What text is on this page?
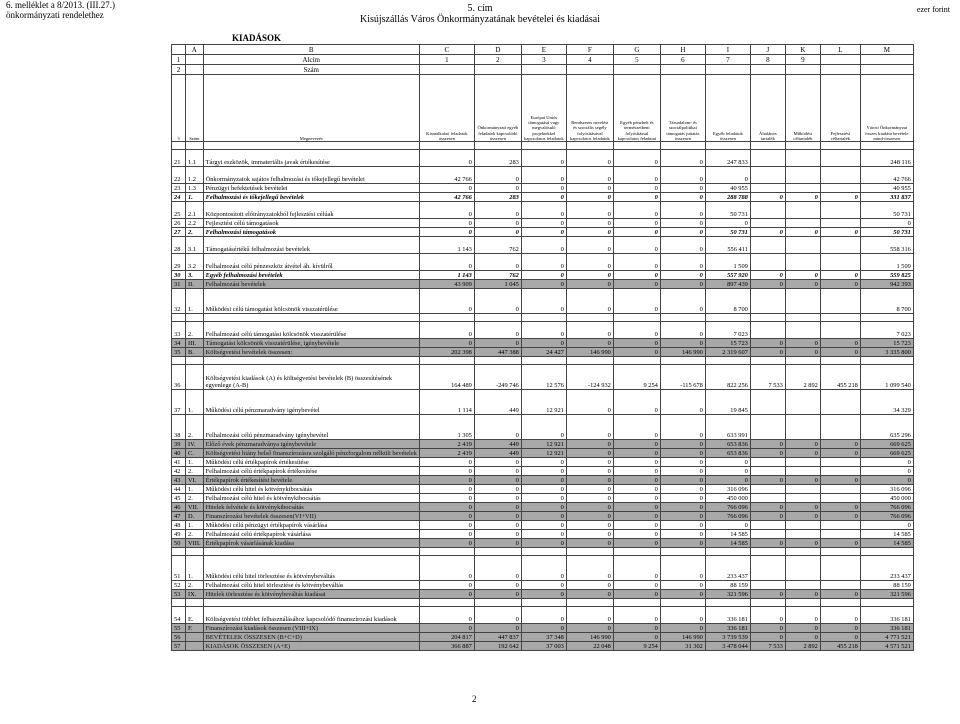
6. melléklet a 8/2013. (III.27.)
önkormányzati rendelethez
5. cím
Kisújszállás Város Önkormányzatának bevételei és kiadásai
ezer forint
KIADÁSOK
	A	B	C	D	E	F	G	H	I	J	K	L	M
1		Alcím	1	2	3	4	5	6	7	8	9		
2		Szám											
3	Szám	Megnevezés	Kismalkalaó feladatok összesen	Önkormányzati egyéb feladatok kapcsolódó összesen	Európai Uniós támogatású vagy megvalósuló projektekkel kapcsolatos feladatok	Rendszeres nevelési és szociális segély folyósításával kapcsolatos feladatok	Egyéb pénzbeli és természetbeni folyósítással kapcsolatos feladatai	Társadalom- és szociálpolitikai támogatás juttatás összesen	Egyéb feladatok összesen	Általános tartalék	Működési céltartalék	Fejlesztési céltartalék	Városi Önkormányzat összes kiadása bevétele mind-összesen

21	1.1	Tárgyi eszközök, immateriális javak értékesítése	0	283	0	0	0	0	247 833				248 116
22	1.2	Önkormányzatok sajátos felhalmozási és tőkejellegű bevételei	42 766	0	0	0	0	0	0				42 766
23	1.3	Pénzügyi befektetések bevételei	0	0	0	0	0	0	40 955				40 955
24	1.	Felhalmozási és tőkejellegű bevételek	42 766	283	0	0	0	0	288 788	0	0	0	331 837
25	2.1	Központosított előirányzatokból fejlesztési célúak	0	0	0	0	0	0	50 731				50 731
26	2.2	Fejlesztési célú támogatások	0	0	0	0	0	0	0				0
27	2.	Felhalmozási támogatások	0	0	0	0	0	0	50 731	0	0	0	50 731
28	3.1	Támogatásértékű felhalmozási bevételek	1 143	762	0	0	0	0	556 411				558 316
29	3.2	Felhalmozási célú pénzeszköz átvétel áh. kívülről	0	0	0	0	0	0	1 509				1 509
30	3.	Egyéb felhalmozási bevételek	1 143	762	0	0	0	0	557 920	0	0	0	559 825
31	II.	Felhalmozási bevételek	43 909	1 045	0	0	0	0	897 439	0	0	0	942 393
32	1.	Működési célú támogatási kölcsönök visszatérülése	0	0	0	0	0	0	8 700				8 700

33	2.	Felhalmozási célú támogatási kölcsönök visszatérülése	0	0	0	0	0	0	7 023				7 023
34	III.	Támogatási kölcsönök visszatérülése, igénybevétele	0	0	0	0	0	0	15 723	0	0	0	15 723
35	B.	Költségvetési bevételek összesen:	202 398	447 388	24 427	146 990	0	146 990	2 319 607	0	0	0	3 335 800

36		Költségvetési kiadások (A) és költségvetési bevételek (B) összesítésének egyenlege (A-B)	164 489	-249 746	12 576	-124 932	9 254	-115 678	822 256	7 533	2 892	455 218	1 099 540
37	1.	Működési célú pénzmaradvány igénybevétel	1 114	449	12 921	0	0	0	19 845				34 329
38	2.	Felhalmozási célú pénzmaradvány igénybevétel	1 305	0	0	0	0	0	633 991				635 296
39	IV.	Előző évek pénzmaradványa igénybevétele	2 419	449	12 921	0	0	0	653 836	0	0	0	669 625
40	C.	Költségvetési hiány belső finanszírozásra szolgáló pénzforgalom nélküli bevételek	2 419	449	12 921	0	0	0	653 836	0	0	0	669 625
41	1.	Működési célú értékpapírok értékesítése	0	0	0	0	0	0	0				0
42	2.	Felhalmozási célú értékpapírok értékesítése	0	0	0	0	0	0	0				0
43	VI.	Értékpapírok értékesítési bevétele	0	0	0	0	0	0	0	0	0	0	0
44	1.	Működési célú hitel és kötvénykibocsátás	0	0	0	0	0	0	316 096				316 096
45	2.	Felhalmozási célú hitel és kötvénykibocsátás	0	0	0	0	0	0	450 000				450 000
46	VII.	Hitelek felvétele és kötvénykibocsátás	0	0	0	0	0	0	766 096	0	0	0	766 096
47	D.	Finanszírozási bevételek összesen(VI+VII)	0	0	0	0	0	0	766 096	0	0	0	766 096
48	1.	Működési célú pénzügyi értékpapírok vásárlása	0	0	0	0	0	0	0				0
49	2.	Felhalmozási célú értékpapírok vásárlása	0	0	0	0	0	0	14 585				14 585
50	VIII.	Értékpapírok vásárlásának kiadása	0	0	0	0	0	0	14 585	0	0	0	14 585

51	1.	Működési célú hitel törlesztése és kötvénybeváltás	0	0	0	0	0	0	233 437				233 437
52	2.	Felhalmozási célú hitel törlesztése és kötvénybeváltás	0	0	0	0	0	0	88 159				88 159
53	IX.	Hitelek törlesztése és kötvénybeváltás kiadásai	0	0	0	0	0	0	321 596	0	0	0	321 596

54	E.	Költségvetési többlet felhasználásához kapcsolódó finanszírozási kiadások	0	0	0	0	0	0	336 181	0	0	0	336 181
55	F.	Finanszírozási kiadások összesen (VIII+IX)	0	0	0	0	0	0	336 181	0	0	0	336 181
56		BEVÉTELEK ÖSSZESEN (B+C+D)	204 817	447 837	37 348	146 990	0	146 990	3 739 539	0	0	0	4 771 521
57		KIADÁSOK ÖSSZESEN (A+E)	366 887	192 642	37 003	22 048	9 254	31 302	3 478 044	7 533	2 892	455 218	4 571 521
2
